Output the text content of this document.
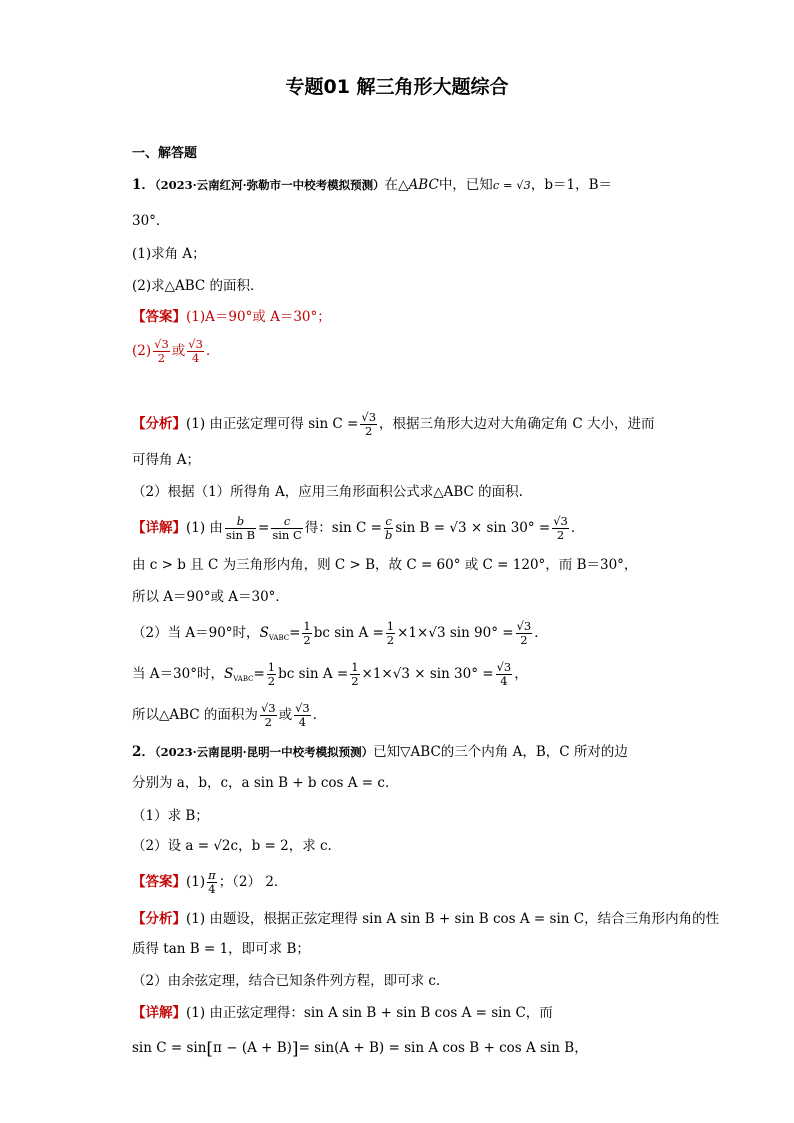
专题01 解三角形大题综合
一、解答题
1．（2023·云南红河·弥勒市一中校考模拟预测）在△ABC中，已知c = √3，b＝1，B＝
30°．
(1)求角 A；
(2)求△ABC 的面积．
【答案】(1)A＝90°或 A＝30°；
$(2) \frac{√3}{2}$ 或 $\frac{√3}{4}$ ．
【分析】(1) 由正弦定理可得 $\sin C = \frac{√3}{2}$ ，根据三角形大边对大角确定角 C 大小，进而
可得角 A；
（2）根据（1）所得角 A，应用三角形面积公式求△ABC 的面积.
【详解】(1) 由 $\frac{b}{\text{sin B}} = \frac{c}{\text{sin C}}$ 得：$\sin C = \frac{c}{b}$ $\sin B = √3 \times \sin 30^\circ = \frac{√3}{2}$ ．
由 c > b 且 C 为三角形内角，则 C > B，故 C = 60° 或 C = 120°，而 B＝30°，
所以 A＝90°或 A＝30°．
（2）当 A＝90°时，$S_{VABC}= \frac{1}{2}$ bc $\sin A = \frac{1}{2} \times 1\times√3$ $\sin 90^\circ = \frac{√3}{2}$ ．
当 A＝30°时，$S_{VABC}= \frac{1}{2}$ bc $\sin A = \frac{1}{2} \times 1\times√3 \times \sin 30^\circ = \frac{√3}{4}$ ，
所以△ABC 的面积为 $\frac{√3}{2}$ 或 $\frac{√3}{4}$ ．
2．（2023·云南昆明·昆明一中校考模拟预测）已知▽ABC的三个内角 A，B，C 所对的边
分别为 a，b，c，a sin B + b cos A = c．
（1）求 B；
（2）设 a = √2c，b = 2，求 c.
【答案】$(1) \frac{\pi}{4}$ ；（2） 2．
【分析】(1) 由题设，根据正弦定理得 sin A sin B + sin B cos A = sin C，结合三角形内角的性
质得 tan B = 1，即可求 B；
（2）由余弦定理，结合已知条件列方程，即可求 c.
【详解】(1) 由正弦定理得：sin A sin B + sin B cos A = sin C，而
sin C = sin[π − (A + B)]= sin(A + B) = sin A cos B + cos A sin B，
